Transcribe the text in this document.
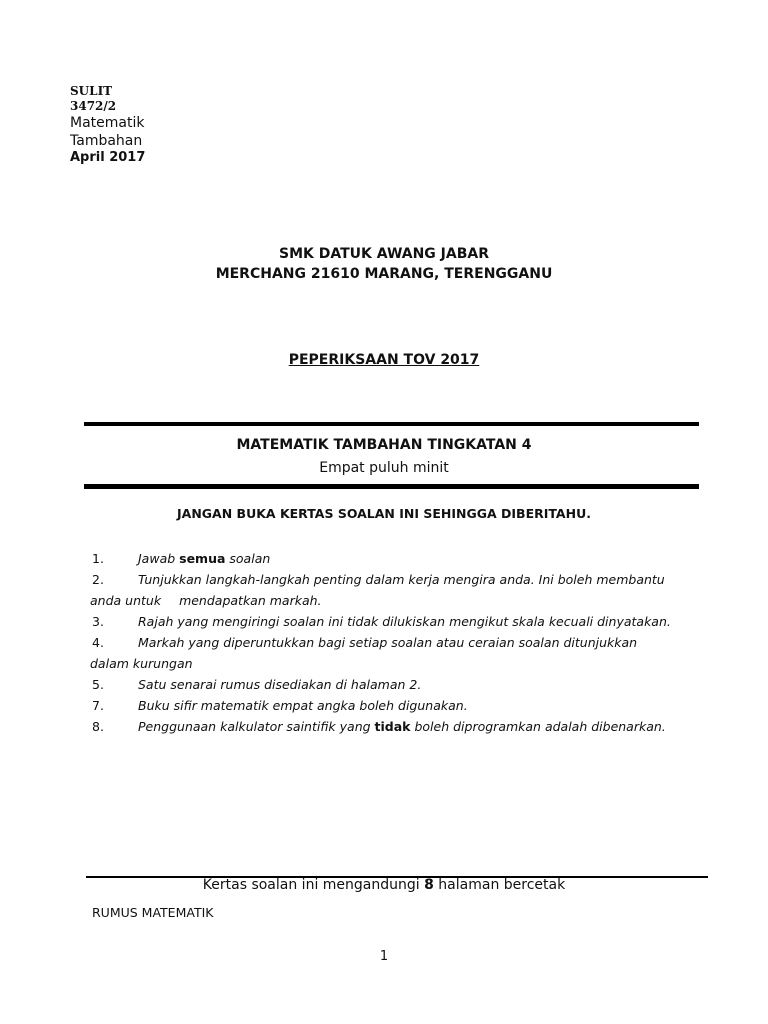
SULIT
3472/2
Matematik
Tambahan
April 2017
SMK DATUK AWANG JABAR
MERCHANG 21610 MARANG, TERENGGANU
PEPERIKSAAN TOV 2017
MATEMATIK TAMBAHAN TINGKATAN 4
Empat puluh minit
JANGAN BUKA KERTAS SOALAN INI SEHINGGA DIBERITAHU.
1.	Jawab semua soalan
2.	Tunjukkan langkah-langkah penting dalam kerja mengira anda. Ini boleh membantu
anda untuk mendapatkan markah.
3.	Rajah yang mengiringi soalan ini tidak dilukiskan mengikut skala kecuali dinyatakan.
4.	Markah yang diperuntukkan bagi setiap soalan atau ceraian soalan ditunjukkan
dalam kurungan
5.	Satu senarai rumus disediakan di halaman 2.
7.	Buku sifir matematik empat angka boleh digunakan.
8.	Penggunaan kalkulator saintifik yang tidak boleh diprogramkan adalah dibenarkan.
Kertas soalan ini mengandungi 8 halaman bercetak
RUMUS MATEMATIK
1
